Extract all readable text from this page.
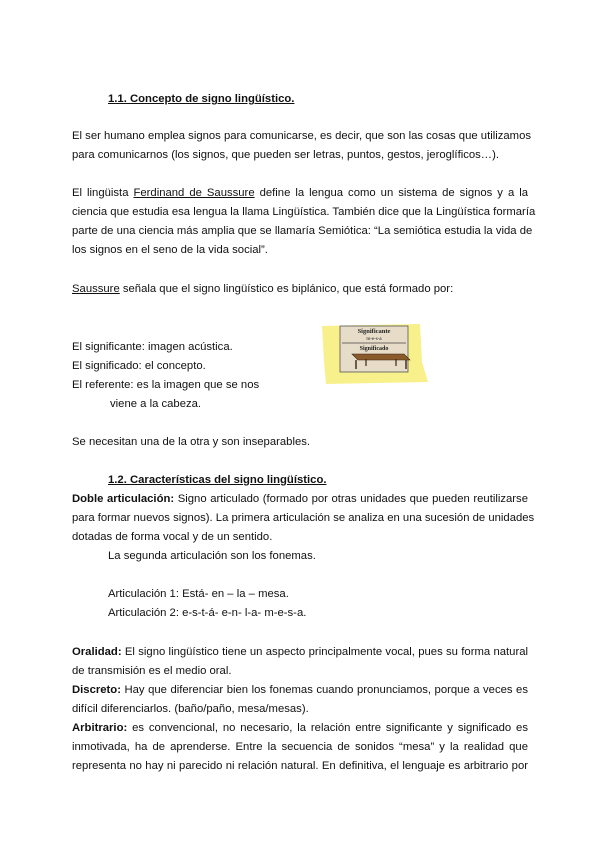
1.1. Concepto de signo lingüístico.
El ser humano emplea signos para comunicarse, es decir, que son las cosas que utilizamos
para comunicarnos (los signos, que pueden ser letras, puntos, gestos, jeroglíficos…).
El lingüista Ferdinand de Saussure define la lengua como un sistema de signos y a la
ciencia que estudia esa lengua la llama Lingüística. También dice que la Lingüística formaría
parte de una ciencia más amplia que se llamaría Semiótica: “La semiótica estudia la vida de
los signos en el seno de la vida social”.
Saussure señala que el signo lingüístico es biplánico, que está formado por:
El significante: imagen acústica.
El significado: el concepto.
El referente: es la imagen que se nos
viene a la cabeza.
Significante
m-e-s-a
Significado
Se necesitan una de la otra y son inseparables.
1.2. Características del signo lingüístico.
Doble articulación: Signo articulado (formado por otras unidades que pueden reutilizarse
para formar nuevos signos). La primera articulación se analiza en una sucesión de unidades
dotadas de forma vocal y de un sentido.
La segunda articulación son los fonemas.
Articulación 1: Está- en – la – mesa.
Articulación 2: e-s-t-á- e-n- l-a- m-e-s-a.
Oralidad: El signo lingüístico tiene un aspecto principalmente vocal, pues su forma natural
de transmisión es el medio oral.
Discreto: Hay que diferenciar bien los fonemas cuando pronunciamos, porque a veces es
difícil diferenciarlos. (baño/paño, mesa/mesas).
Arbitrario: es convencional, no necesario, la relación entre significante y significado es
inmotivada, ha de aprenderse. Entre la secuencia de sonidos “mesa” y la realidad que
representa no hay ni parecido ni relación natural. En definitiva, el lenguaje es arbitrario por
